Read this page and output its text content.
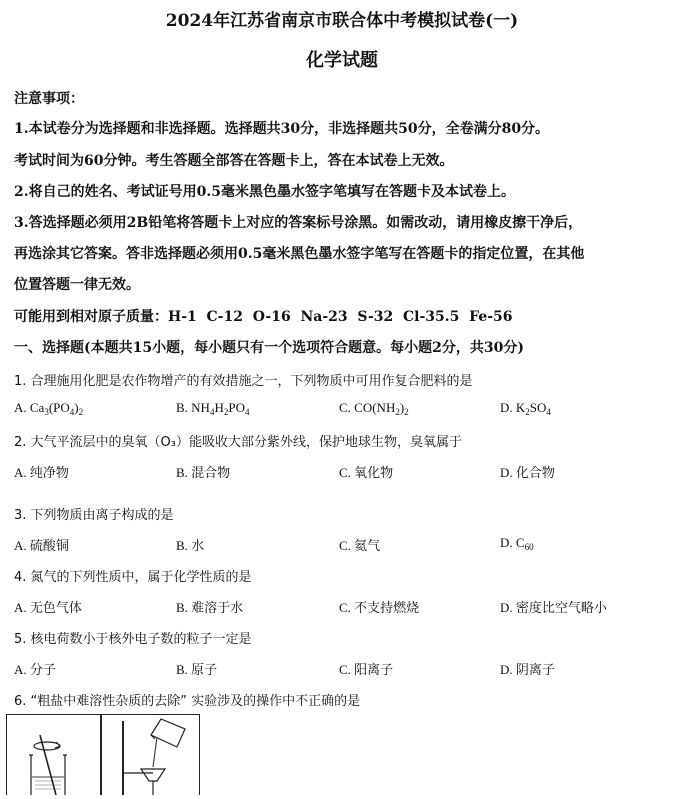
2024年江苏省南京市联合体中考模拟试卷(一)
化学试题
注意事项：
1.本试卷分为选择题和非选择题。选择题共30分，非选择题共50分，全卷满分80分。
考试时间为60分钟。考生答题全部答在答题卡上，答在本试卷上无效。
2.将自己的姓名、考试证号用0.5毫米黑色墨水签字笔填写在答题卡及本试卷上。
3.答选择题必须用2B铅笔将答题卡上对应的答案标号涂黑。如需改动，请用橡皮擦干净后，
再选涂其它答案。答非选择题必须用0.5毫米黑色墨水签字笔写在答题卡的指定位置，在其他
位置答题一律无效。
可能用到相对原子质量：H-1  C-12  O-16  Na-23  S-32  Cl-35.5  Fe-56
一、选择题(本题共15小题，每小题只有一个选项符合题意。每小题2分，共30分)
1. 合理施用化肥是农作物增产的有效措施之一，下列物质中可用作复合肥料的是
A. $Ca_3(PO_4)_2$	B. $NH_4H_2PO_4$	C. $CO(NH_2)_2$	D. $K_2SO_4$
2. 大气平流层中的臭氧（O₃）能吸收大部分紫外线，保护地球生物，臭氧属于
A. 纯净物	B. 混合物	C. 氧化物	D. 化合物
3. 下列物质由离子构成的是
A. 硫酸铜	B. 水	C. 氦气	D. $C_{60}$
4. 氮气的下列性质中，属于化学性质的是
A. 无色气体	B. 难溶于水	C. 不支持燃烧	D. 密度比空气略小
5. 核电荷数小于核外电子数的粒子一定是
A. 分子	B. 原子	C. 阳离子	D. 阴离子
6. “粗盐中难溶性杂质的去除” 实验涉及的操作中不正确的是
